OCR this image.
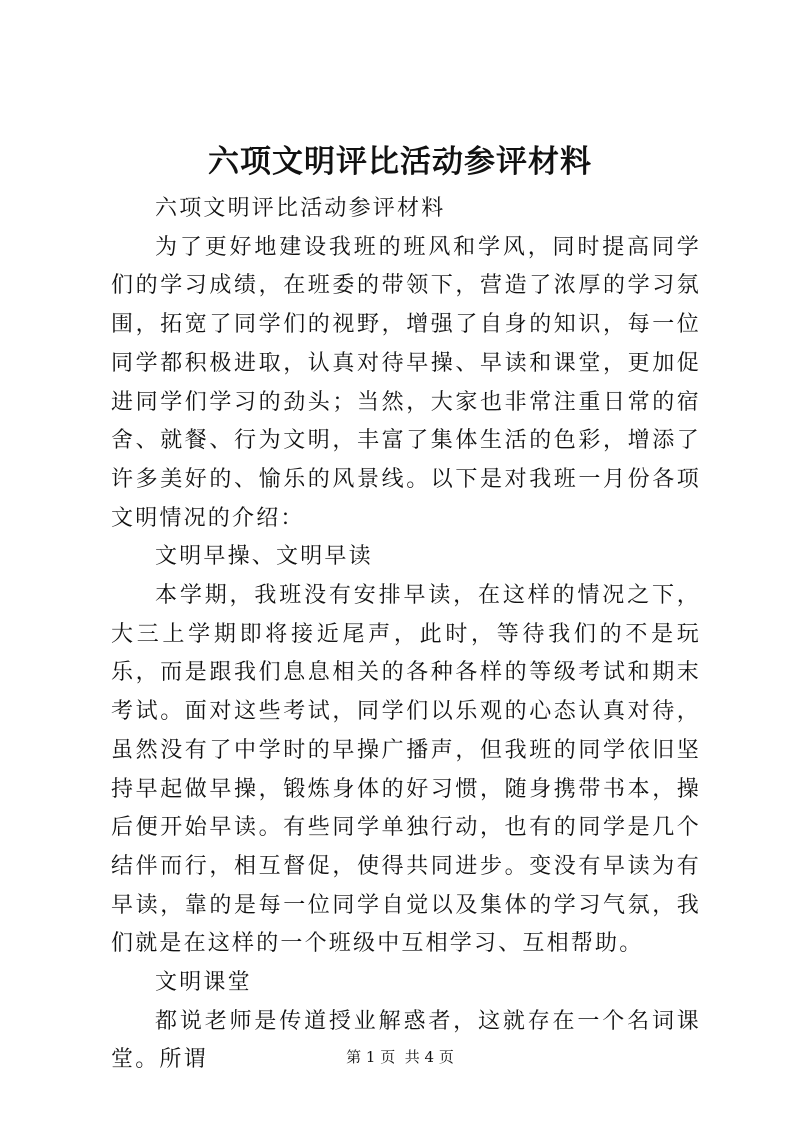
六项文明评比活动参评材料

六项文明评比活动参评材料

为了更好地建设我班的班风和学风，同时提高同学们的学习成绩，在班委的带领下，营造了浓厚的学习氛围，拓宽了同学们的视野，增强了自身的知识，每一位同学都积极进取，认真对待早操、早读和课堂，更加促进同学们学习的劲头；当然，大家也非常注重日常的宿舍、就餐、行为文明，丰富了集体生活的色彩，增添了许多美好的、愉乐的风景线。以下是对我班一月份各项文明情况的介绍：

文明早操、文明早读

本学期，我班没有安排早读，在这样的情况之下，大三上学期即将接近尾声，此时，等待我们的不是玩乐，而是跟我们息息相关的各种各样的等级考试和期末考试。面对这些考试，同学们以乐观的心态认真对待，虽然没有了中学时的早操广播声，但我班的同学依旧坚持早起做早操，锻炼身体的好习惯，随身携带书本，操后便开始早读。有些同学单独行动，也有的同学是几个结伴而行，相互督促，使得共同进步。变没有早读为有早读，靠的是每一位同学自觉以及集体的学习气氛，我们就是在这样的一个班级中互相学习、互相帮助。

文明课堂

都说老师是传道授业解惑者，这就存在一个名词课堂。所谓	第 1 页  共 4 页
